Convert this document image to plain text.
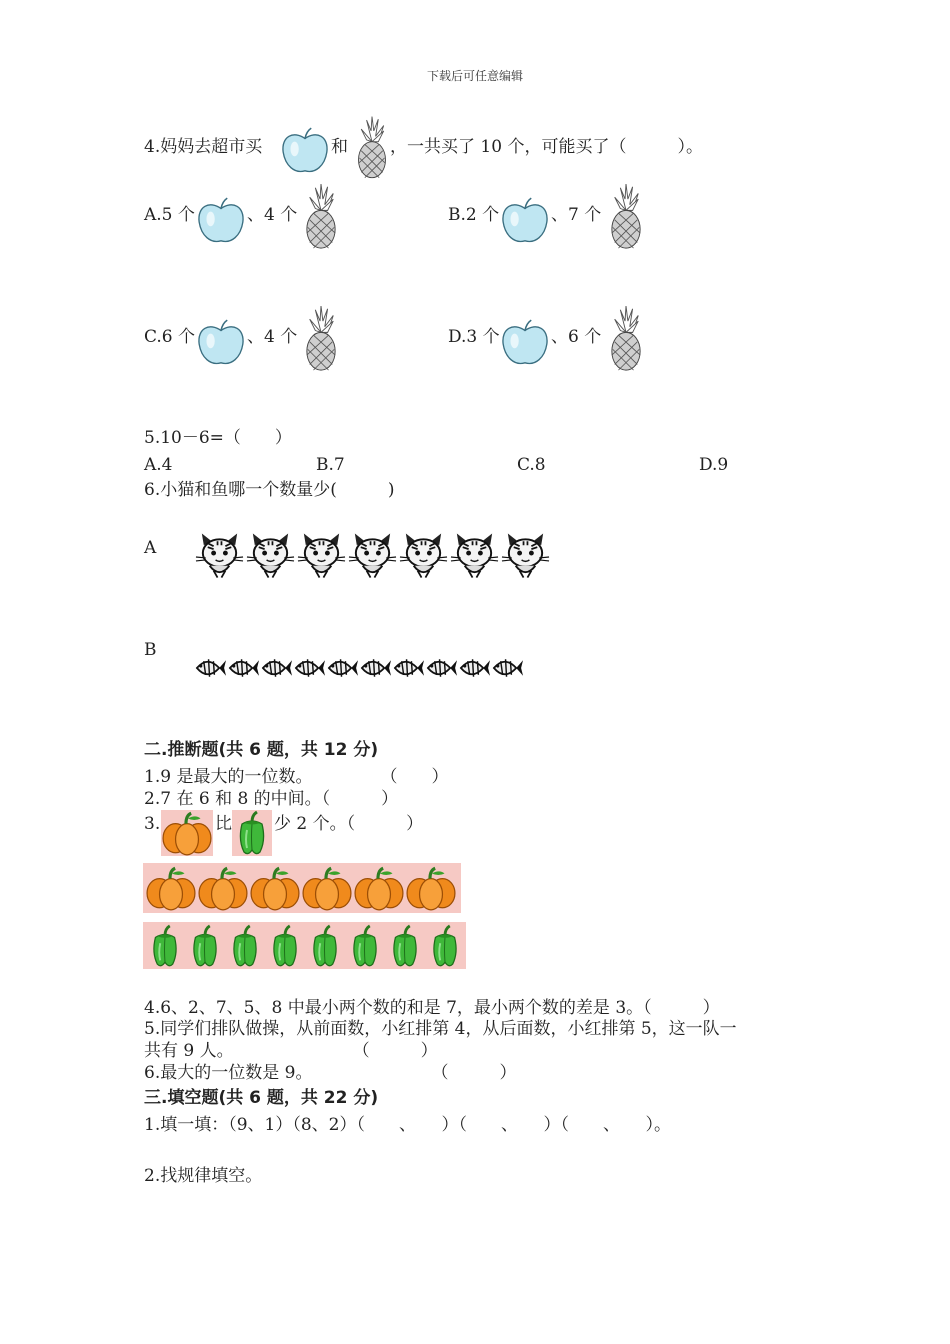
下载后可任意编辑
4.妈妈去超市买	和 ，一共买了 10 个，可能买了（　　　）。
A.5 个	、4 个	B.2 个	、7 个
C.6 个	、4 个	D.3 个	、6 个
5.10－6=（　　）
A.4	B.7	C.8	D.9
6.小猫和鱼哪一个数量少(　　　)
A
B
二.推断题(共 6 题，共 12 分)
1.9 是最大的一位数。　　　　　（　　）
2.7 在 6 和 8 的中间。（　　　）
3.	比 少 2 个。（　　　）
4.6、2、7、5、8 中最小两个数的和是 7，最小两个数的差是 3。（　　　）
5.同学们排队做操，从前面数，小红排第 4，从后面数，小红排第 5，这一队一
共有 9 人。　　　　　　　　（　　　）
6.最大的一位数是 9。　　　　　　　　（　　　）
三.填空题(共 6 题，共 22 分)
1.填一填：（9、1）（8、2）（　　、　　）（　　、　　）（　　、　　）。
2.找规律填空。
